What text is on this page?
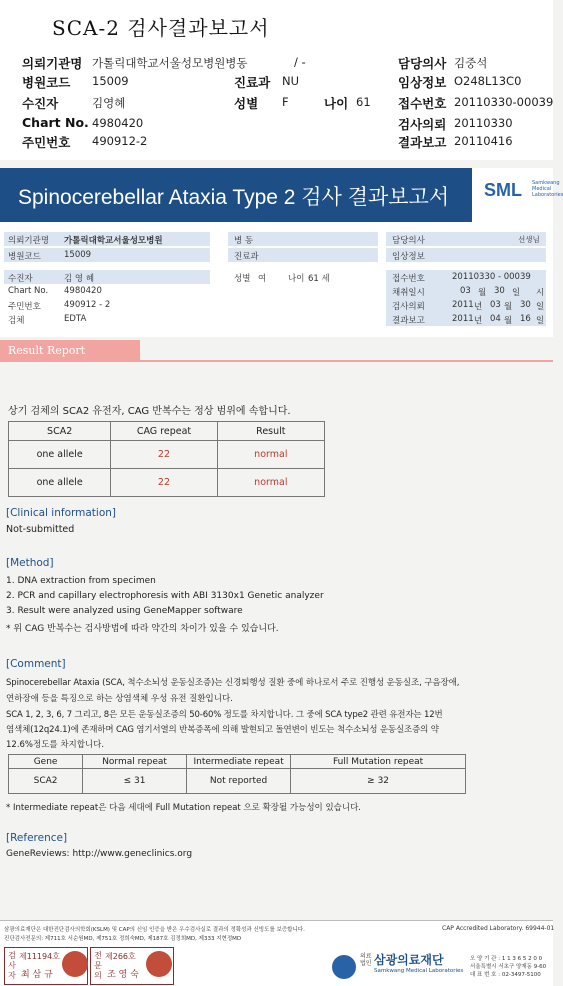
SCA-2 검사결과보고서
의뢰기관명 가톨릭대학교서울성모병원병동	/ -	담당의사 김중석
병원코드 15009	진료과 NU	임상정보 O248L13C0
수진자	김영혜	성별 F	나이 61 접수번호 20110330-00039
Chart No. 4980420	검사의뢰 20110330
주민번호 490912-2	결과보고 20110416
Spinocerebellar Ataxia Type 2 검사 결과보고서 SML Samkwang Medical Laboratories
의뢰기관명 가톨릭대학교서울성모병원	병 동	담당의사	선생님
병원코드	15009	진료과	임상정보
수진자	김 영 혜	성별 여	나이 61 세	접수번호	20110330 - 00039
Chart No. 4980420	채취일시	03 월 30 일 시
주민번호	490912 - 2	검사의뢰	2011 년 03 월 30 일
검체	EDTA	결과보고	2011 년 04 월 16 일
Result Report
상기 검체의 SCA2 유전자, CAG 반복수는 정상 범위에 속합니다.
SCA2	CAG repeat	Result
one allele	22	normal
one allele	22	normal
[Clinical information]
Not-submitted
[Method]
1. DNA extraction from specimen
2. PCR and capillary electrophoresis with ABI 3130x1 Genetic analyzer
3. Result were analyzed using GeneMapper software
* 위 CAG 반복수는 검사방법에 따라 약간의 차이가 있을 수 있습니다.
[Comment]
Spinocerebellar Ataxia (SCA, 척수소뇌성 운동실조증)는 신경퇴행성 질환 중에 하나로서 주로 진행성 운동실조, 구음장애,
연하장애 등을 특징으로 하는 상염색체 우성 유전 질환입니다.
SCA 1, 2, 3, 6, 7 그리고, 8은 모든 운동실조증의 50-60% 정도를 차지합니다. 그 중에 SCA type2 관련 유전자는 12번
염색체(12q24.1)에 존재하며 CAG 염기서열의 반복증폭에 의해 발현되고 돌연변이 빈도는 척수소뇌성 운동실조증의 약
12.6%정도를 차지합니다.
Gene	Normal repeat	Intermediate repeat	Full Mutation repeat
SCA2	≤ 31	Not reported	≥ 32
* Intermediate repeat은 다음 세대에 Full Mutation repeat 으로 확장될 가능성이 있습니다.
[Reference]
GeneReviews: http://www.geneclinics.org
삼광의료재단은 대한진단검사의학회(KSLM) 및 CAP의 신임 인증을 받은 우수검사실로 결과의 정확성과 신빙도를 보증합니다.
진단검사전문의: 제711호 서순원MD, 제751호 정희숙MD, 제187호 김정희MD, 제333 지현정MD
CAP Accredited Laboratory. 69944-01
검사자
제11194호
최 삼 규
전문의
제266호
조 영 숙
의료법인 삼광의료재단
Samkwang Medical Laboratories
오 양 기 관 : 1 1 3 6 5 2 0 0
서울특별시 서초구 양재동 9-60
대 표 번 호 : 02-3497-5100
